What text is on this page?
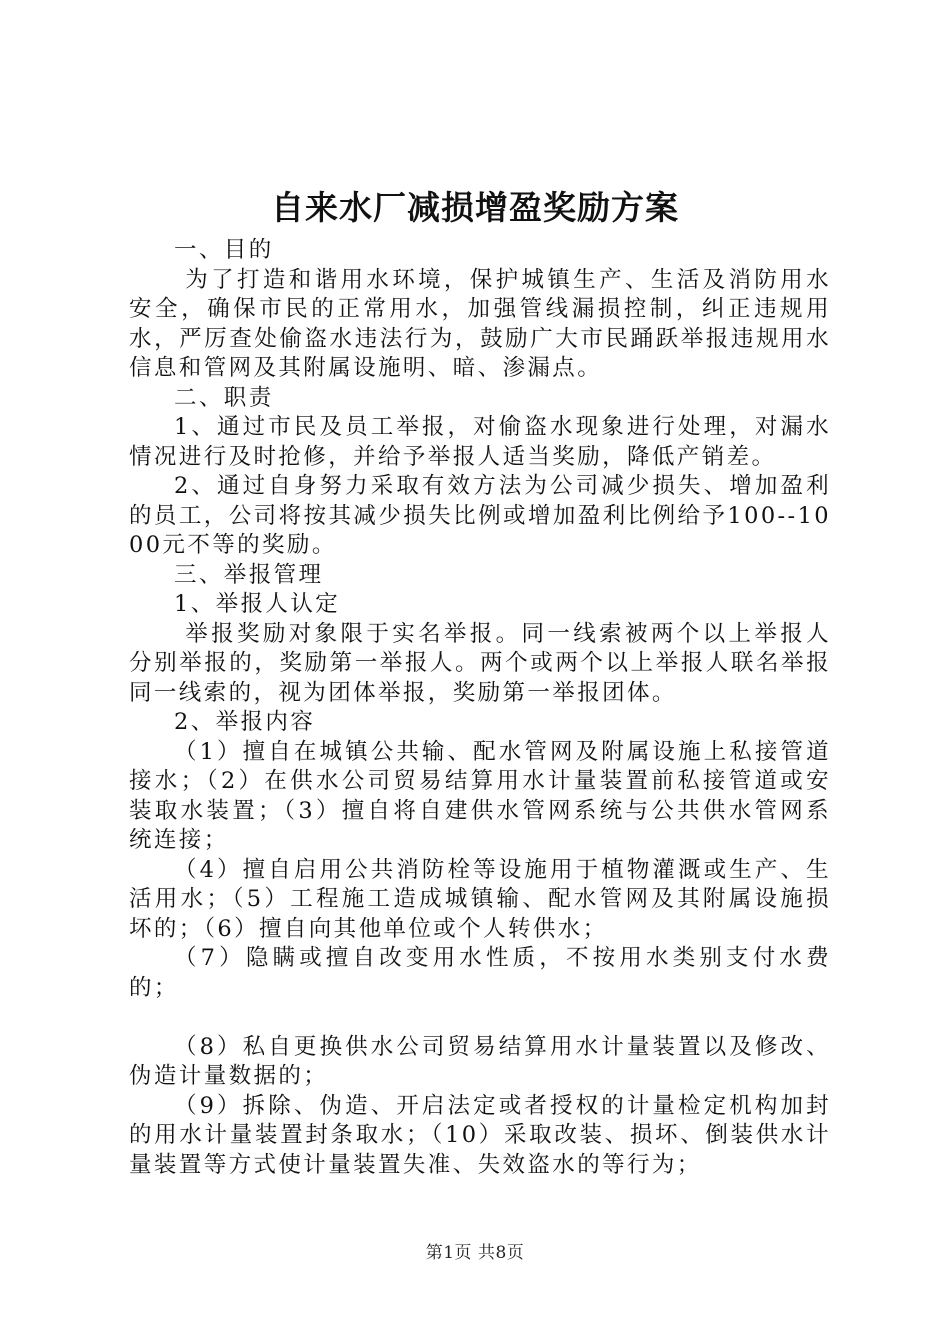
自来水厂减损增盈奖励方案

一、目的

为了打造和谐用水环境，保护城镇生产、生活及消防用水安全，确保市民的正常用水，加强管线漏损控制，纠正违规用水，严厉查处偷盗水违法行为，鼓励广大市民踊跃举报违规用水信息和管网及其附属设施明、暗、渗漏点。

二、职责

1、通过市民及员工举报，对偷盗水现象进行处理，对漏水情况进行及时抢修，并给予举报人适当奖励，降低产销差。

2、通过自身努力采取有效方法为公司减少损失、增加盈利的员工，公司将按其减少损失比例或增加盈利比例给予100--1000元不等的奖励。

三、举报管理

1、举报人认定

举报奖励对象限于实名举报。同一线索被两个以上举报人分别举报的，奖励第一举报人。两个或两个以上举报人联名举报同一线索的，视为团体举报，奖励第一举报团体。

2、举报内容

（1）擅自在城镇公共输、配水管网及附属设施上私接管道接水；（2）在供水公司贸易结算用水计量装置前私接管道或安装取水装置；（3）擅自将自建供水管网系统与公共供水管网系统连接；

（4）擅自启用公共消防栓等设施用于植物灌溉或生产、生活用水；（5）工程施工造成城镇输、配水管网及其附属设施损坏的；（6）擅自向其他单位或个人转供水；

（7）隐瞒或擅自改变用水性质，不按用水类别支付水费的；

（8）私自更换供水公司贸易结算用水计量装置以及修改、伪造计量数据的；

（9）拆除、伪造、开启法定或者授权的计量检定机构加封的用水计量装置封条取水；（10）采取改装、损坏、倒装供水计量装置等方式使计量装置失准、失效盗水的等行为；

第1页 共8页
